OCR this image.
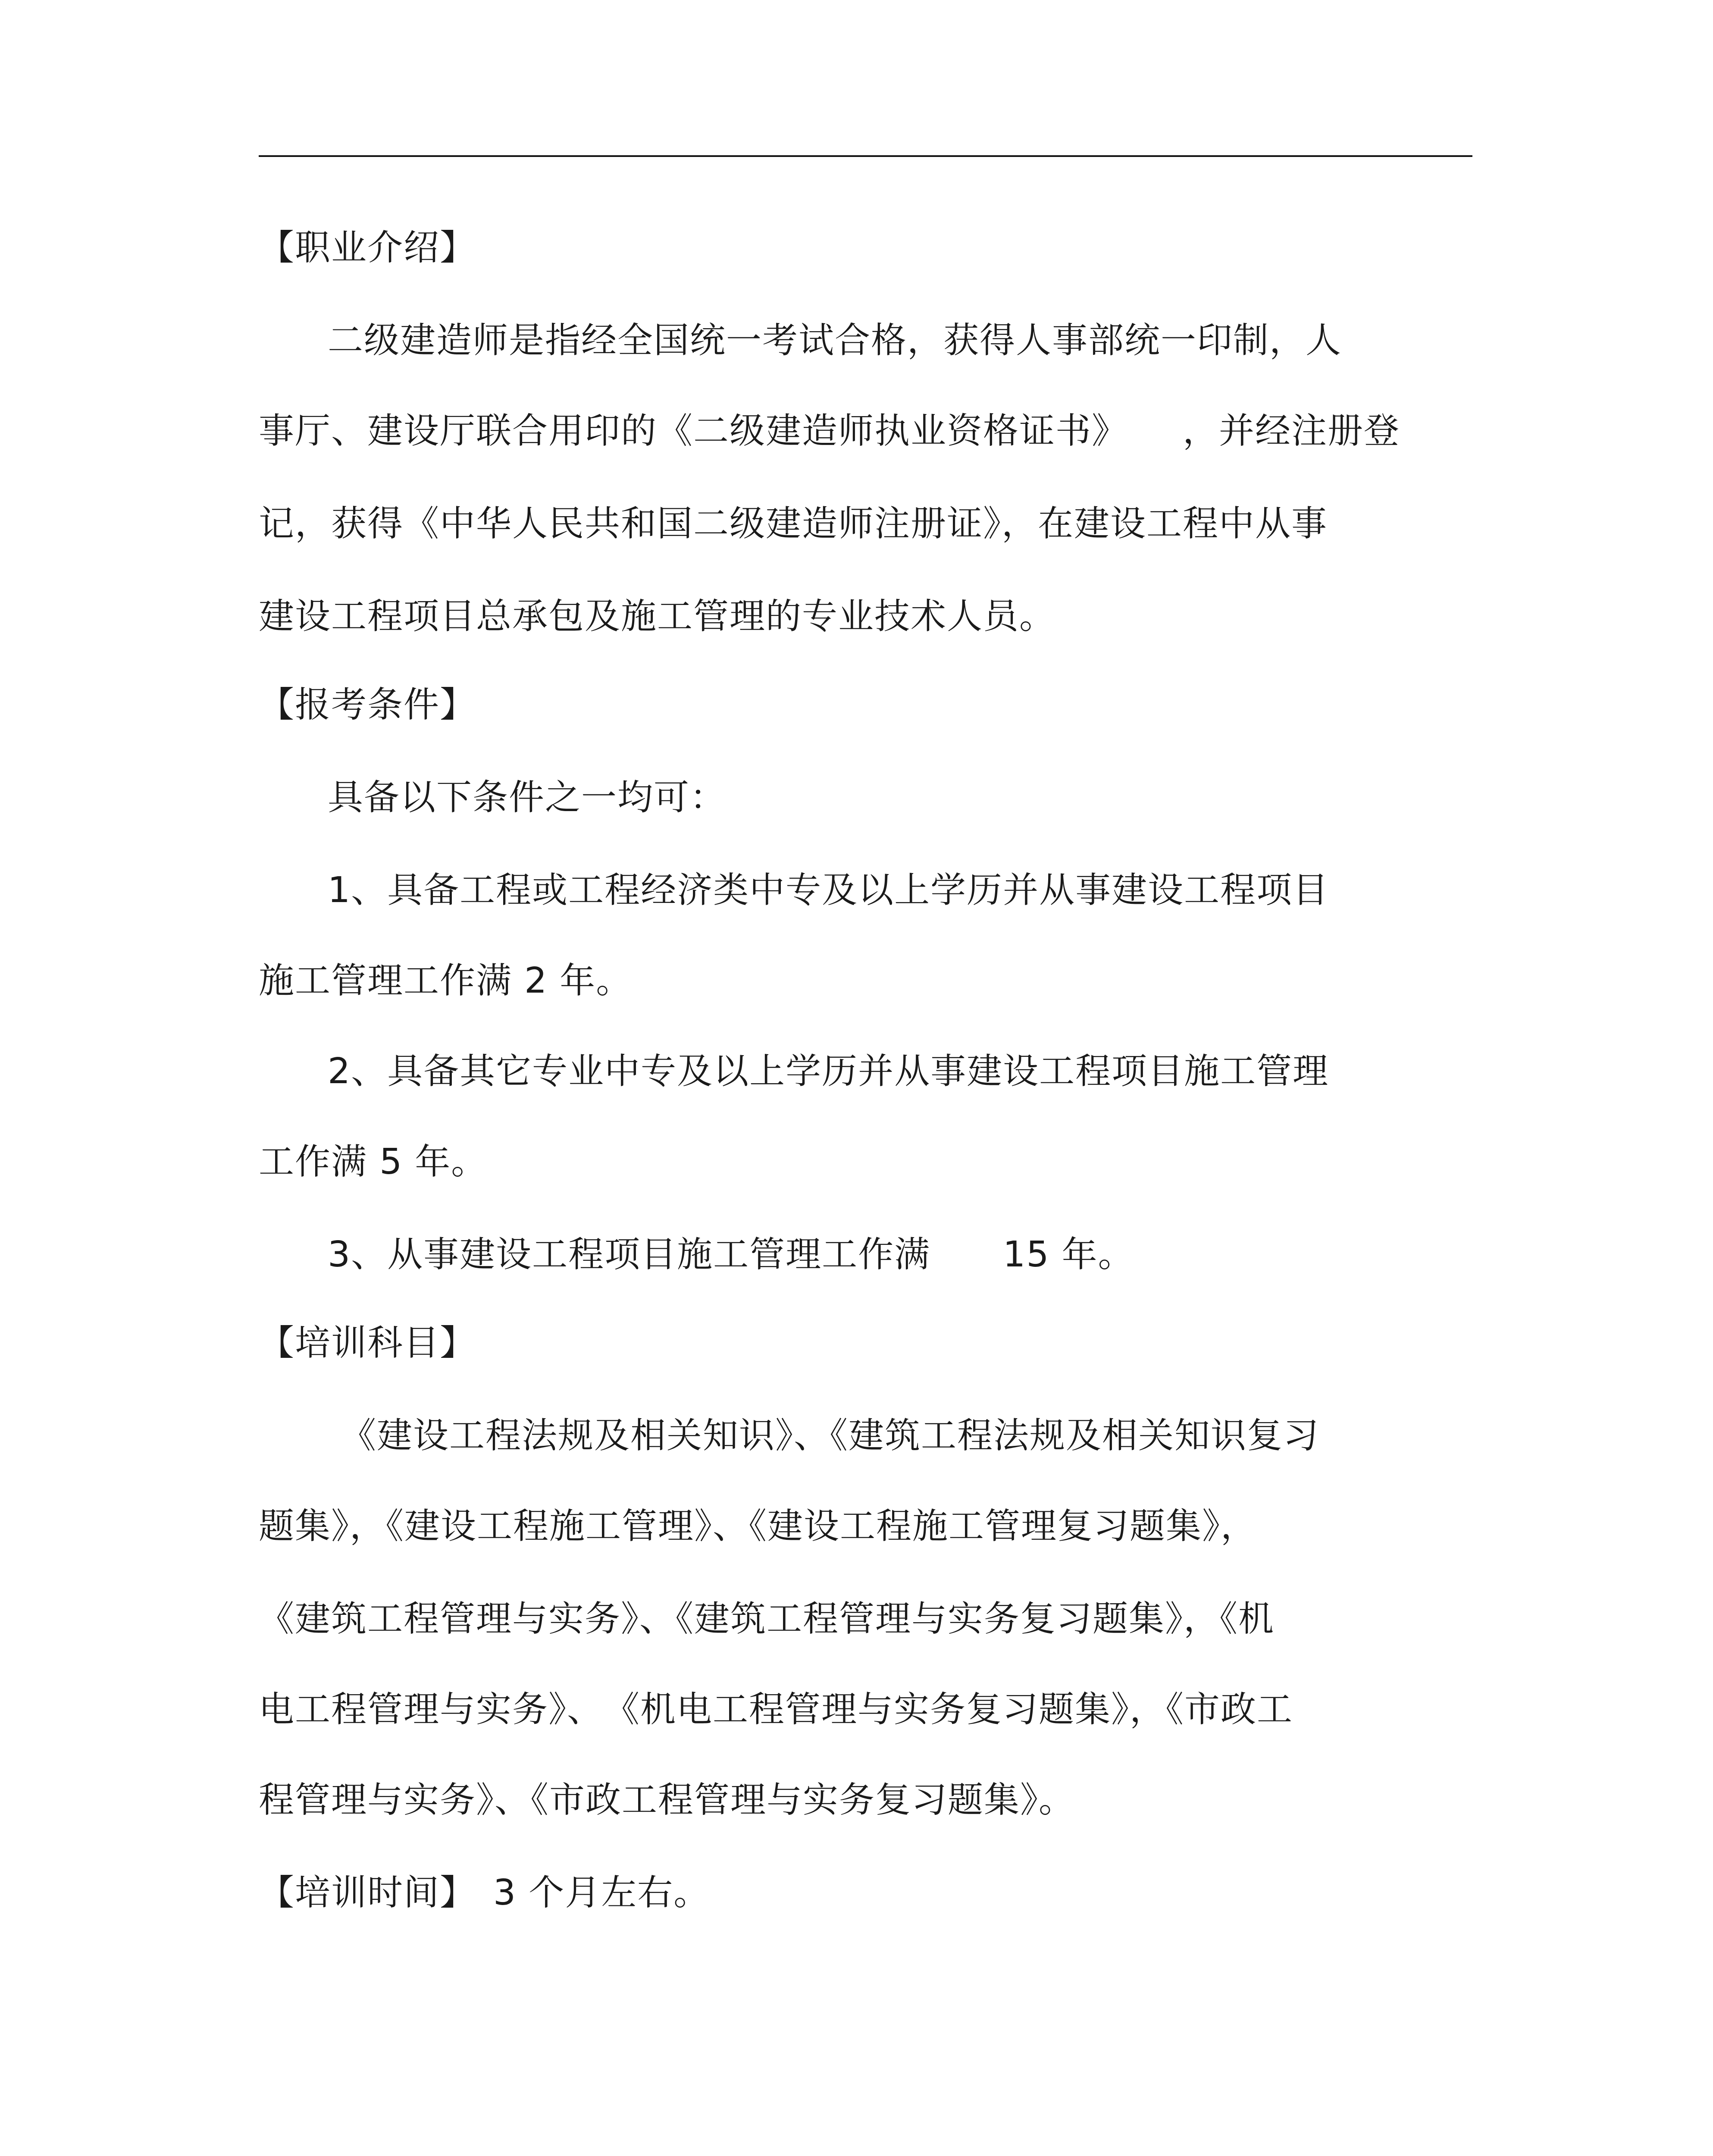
【职业介绍】

二级建造师是指经全国统一考试合格，获得人事部统一印制，人

事厅、建设厅联合用印的《二级建造师执业资格证书》　　，并经注册登

记，获得《中华人民共和国二级建造师注册证》，在建设工程中从事

建设工程项目总承包及施工管理的专业技术人员。

【报考条件】

具备以下条件之一均可：

1、具备工程或工程经济类中专及以上学历并从事建设工程项目

施工管理工作满 2 年。

2、具备其它专业中专及以上学历并从事建设工程项目施工管理

工作满 5 年。

3、从事建设工程项目施工管理工作满　　15 年。

【培训科目】

《建设工程法规及相关知识》、《建筑工程法规及相关知识复习

题集》，《建设工程施工管理》、《建设工程施工管理复习题集》，

《建筑工程管理与实务》、《建筑工程管理与实务复习题集》，《机

电工程管理与实务》、　《机电工程管理与实务复习题集》，《市政工

程管理与实务》、《市政工程管理与实务复习题集》。

【培训时间】 3 个月左右。
